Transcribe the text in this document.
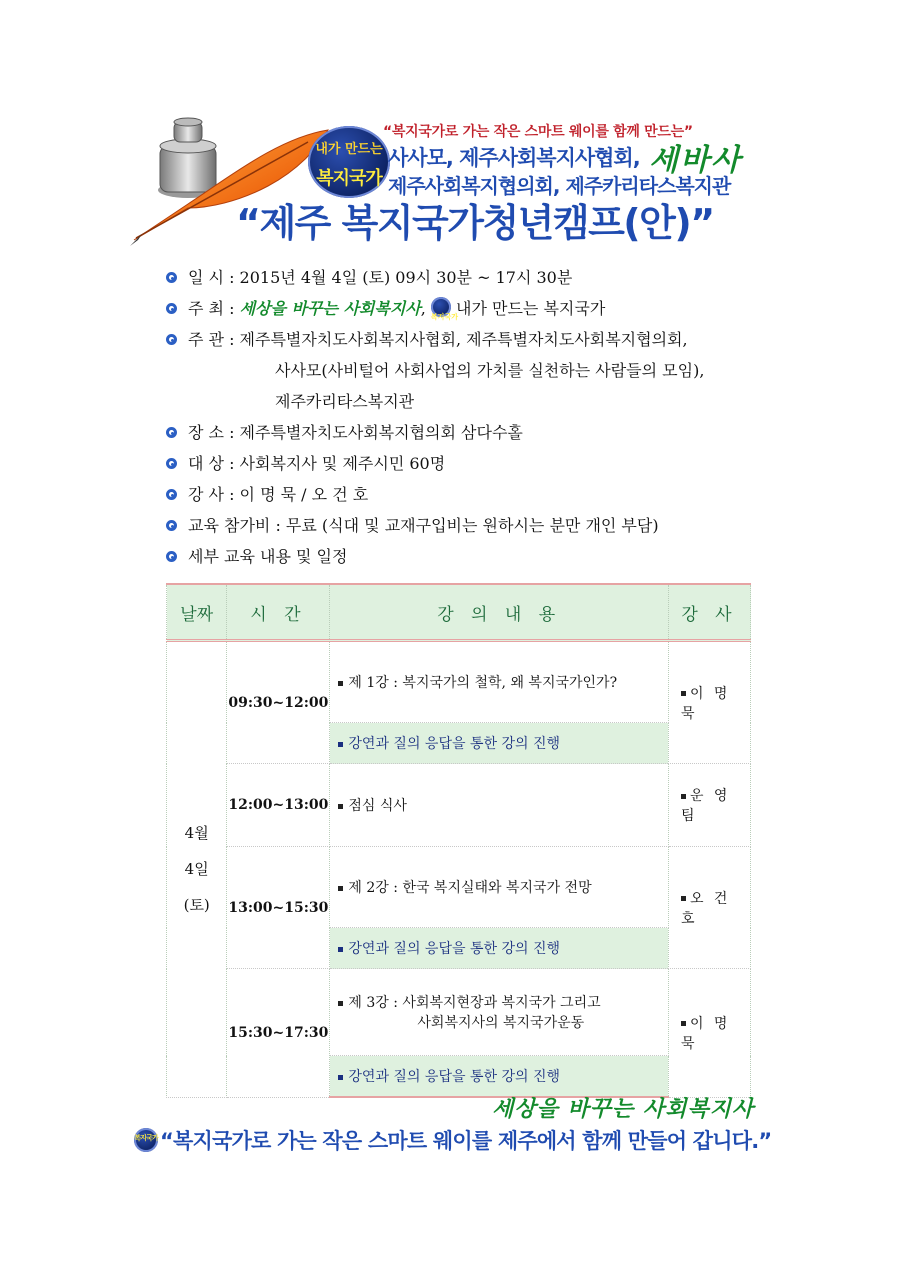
내가 만드는
복지국가
“복지국가로 가는 작은 스마트 웨이를 함께 만드는”
사사모, 제주사회복지사협회, 세바사
제주사회복지협의회, 제주카리타스복지관
“제주 복지국가청년캠프(안)”
일 시 : 2015년 4월 4일 (토) 09시 30분 ~ 17시 30분
주 최 : 세상을 바꾸는 사회복지사, 복지국가
내가 만드는 복지국가
주 관 : 제주특별자치도사회복지사협회, 제주특별자치도사회복지협의회,
사사모(사비털어 사회사업의 가치를 실천하는 사람들의 모임),
제주카리타스복지관
장 소 : 제주특별자치도사회복지협의회 삼다수홀
대 상 : 사회복지사 및 제주시민 60명
강 사 : 이 명 묵 / 오 건 호
교육 참가비 : 무료 (식대 및 교재구입비는 원하시는 분만 개인 부담)
세부 교육 내용 및 일정
날짜	시 간	강 의 내 용	강 사

4월
4일
(토)	09:30~12:00	제 1강 : 복지국가의 철학, 왜 복지국가인가?	이 명 묵
		강연과 질의 응답을 통한 강의 진행	
	12:00~13:00	점심 식사	운 영 팀
	13:00~15:30	제 2강 : 한국 복지실태와 복지국가 전망	오 건 호
		강연과 질의 응답을 통한 강의 진행	
	15:30~17:30	제 3강 : 사회복지현장과 복지국가 그리고
사회복지사의 복지국가운동	이 명 묵
		강연과 질의 응답을 통한 강의 진행	
세상을 바꾸는 사회복지사
복지국가 “복지국가로 가는 작은 스마트 웨이를 제주에서 함께 만들어 갑니다.”
